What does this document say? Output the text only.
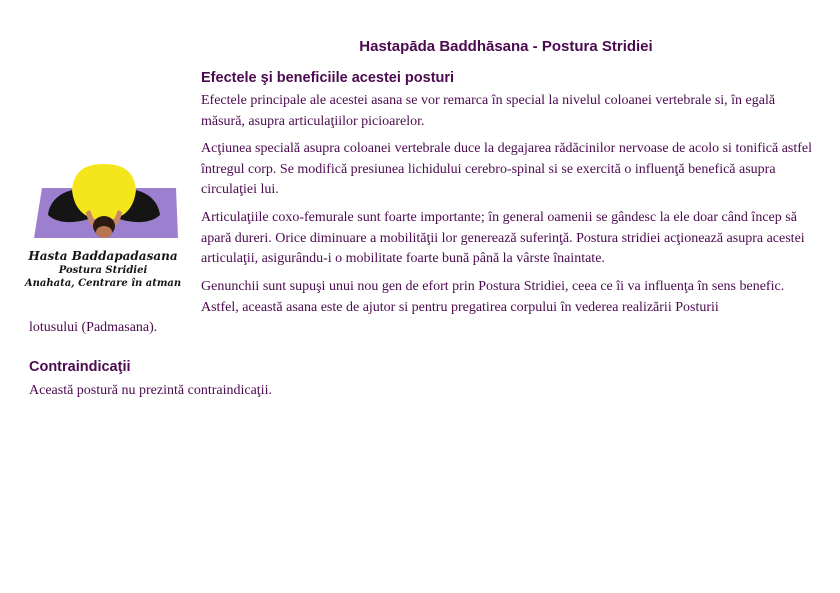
Hastapāda Baddhāsana - Postura Stridiei
Hasta Baddapadasana
Postura Stridiei
Anahata, Centrare în atman
Efectele şi beneficiile acestei posturi

Efectele principale ale acestei asana se vor remarca în special la nivelul coloanei vertebrale si, în egală măsură, asupra articulaţiilor picioarelor.

Acţiunea specială asupra coloanei vertebrale duce la degajarea rădăcinilor nervoase de acolo si tonifică astfel întregul corp. Se modifică presiunea lichidului cerebro-spinal si se exercită o influenţă benefică asupra circulaţiei lui.

Articulaţiile coxo-femurale sunt foarte importante; în general oamenii se gândesc la ele doar când încep să apară dureri. Orice diminuare a mobilităţii lor generează suferinţă. Postura stridiei acţionează asupra acestei articulaţii, asigurându-i o mobilitate foarte bună până la vârste înaintate.

Genunchii sunt supuşi unui nou gen de efort prin Postura Stridiei, ceea ce îi va influenţa în sens benefic. Astfel, această asana este de ajutor si pentru pregatirea corpului în vederea realizării Posturii

lotusului (Padmasana).

Contraindicaţii

Această postură nu prezintă contraindicaţii.
